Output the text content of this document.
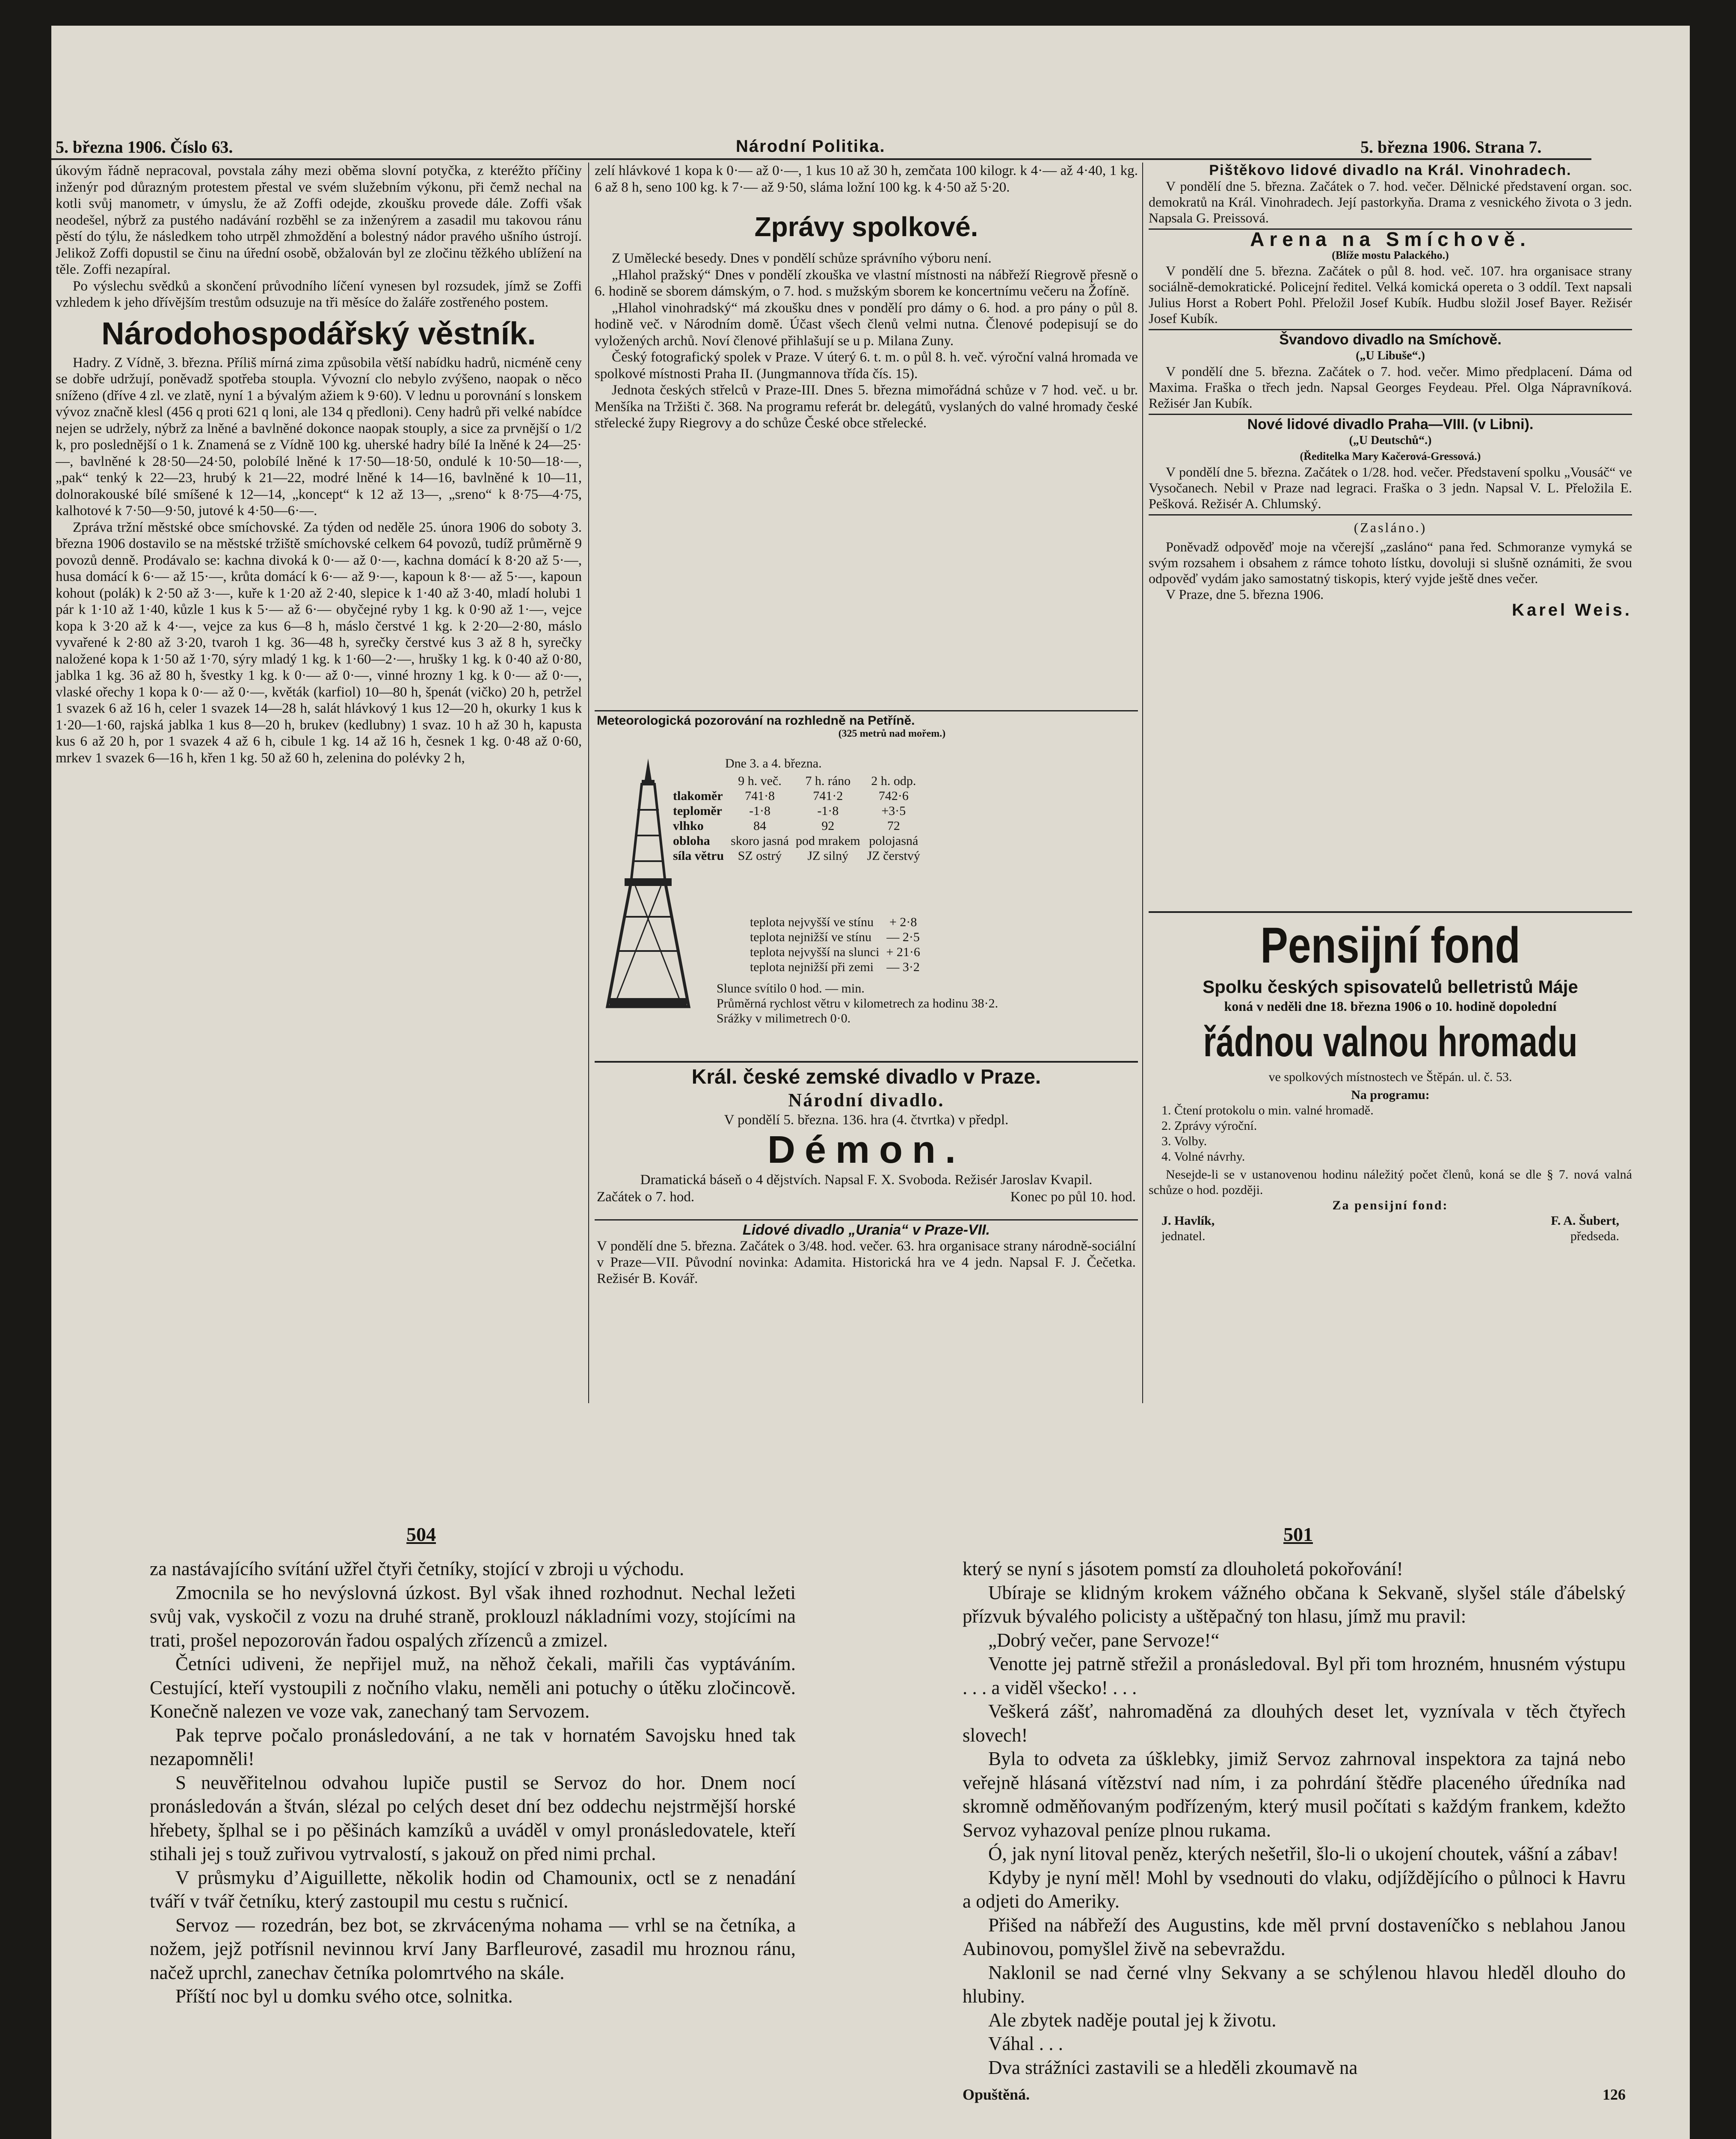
5. března 1906. Číslo 63.	Národní Politika.	5. března 1906. Strana 7.

úkovým řádně nepracoval, povstala záhy mezi oběma slovní potyčka, z kteréžto příčiny inženýr pod důrazným protestem přestal ve svém služebním výkonu, při čemž nechal na kotli svůj manometr, v úmyslu, že až Zoffi odejde, zkoušku provede dále. Zoffi však neodešel, nýbrž za pustého nadávání rozběhl se za inženýrem a zasadil mu takovou ránu pěstí do týlu, že následkem toho utrpěl zhmoždění a bolestný nádor pravého ušního ústrojí. Jelikož Zoffi dopustil se činu na úřední osobě, obžalován byl ze zločinu těžkého ublížení na těle. Zoffi nezapíral.

Po výslechu svědků a skončení průvodního líčení vynesen byl rozsudek, jímž se Zoffi vzhledem k jeho dřívějším trestům odsuzuje na tři měsíce do žaláře zostřeného postem.

Národohospodářský věstník.

Hadry. Z Vídně, 3. března. Příliš mírná zima způsobila větší nabídku hadrů, nicméně ceny se dobře udržují, poněvadž spotřeba stoupla. Vývozní clo nebylo zvýšeno, naopak o něco sníženo (dříve 4 zl. ve zlatě, nyní 1 a bývalým ažiem k 9·60). V lednu u porovnání s lonskem vývoz značně klesl (456 q proti 621 q loni, ale 134 q předloni). Ceny hadrů při velké nabídce nejen se udržely, nýbrž za lněné a bavlněné dokonce naopak stouply, a sice za prvnější o 1/2 k, pro poslednější o 1 k. Znamená se z Vídně 100 kg. uherské hadry bílé Ia lněné k 24—25·—, bavlněné k 28·50—24·50, polobílé lněné k 17·50—18·50, ondulé k 10·50—18·—, „pak“ tenký k 22—23, hrubý k 21—22, modré lněné k 14—16, bavlněné k 10—11, dolnorakouské bílé smíšené k 12—14, „koncept“ k 12 až 13—, „sreno“ k 8·75—4·75, kalhotové k 7·50—9·50, jutové k 4·50—6·—.

Zpráva tržní městské obce smíchovské. Za týden od neděle 25. února 1906 do soboty 3. března 1906 dostavilo se na městské tržiště smíchovské celkem 64 povozů, tudíž průměrně 9 povozů denně. Prodávalo se: kachna divoká k 0·— až 0·—, kachna domácí k 8·20 až 5·—, husa domácí k 6·— až 15·—, krůta domácí k 6·— až 9·—, kapoun k 8·— až 5·—, kapoun kohout (polák) k 2·50 až 3·—, kuře k 1·20 až 2·40, slepice k 1·40 až 3·40, mladí holubi 1 pár k 1·10 až 1·40, kůzle 1 kus k 5·— až 6·— obyčejné ryby 1 kg. k 0·90 až 1·—, vejce kopa k 3·20 až k 4·—, vejce za kus 6—8 h, máslo čerstvé 1 kg. k 2·20—2·80, máslo vyvařené k 2·80 až 3·20, tvaroh 1 kg. 36—48 h, syrečky čerstvé kus 3 až 8 h, syrečky naložené kopa k 1·50 až 1·70, sýry mladý 1 kg. k 1·60—2·—, hrušky 1 kg. k 0·40 až 0·80, jablka 1 kg. 36 až 80 h, švestky 1 kg. k 0·— až 0·—, vinné hrozny 1 kg. k 0·— až 0·—, vlaské ořechy 1 kopa k 0·— až 0·—, květák (karfiol) 10—80 h, špenát (vičko) 20 h, petržel 1 svazek 6 až 16 h, celer 1 svazek 14—28 h, salát hlávkový 1 kus 12—20 h, okurky 1 kus k 1·20—1·60, rajská jablka 1 kus 8—20 h, brukev (kedlubny) 1 svaz. 10 h až 30 h, kapusta kus 6 až 20 h, por 1 svazek 4 až 6 h, cibule 1 kg. 14 až 16 h, česnek 1 kg. 0·48 až 0·60, mrkev 1 svazek 6—16 h, křen 1 kg. 50 až 60 h, zelenina do polévky 2 h,

zelí hlávkové 1 kopa k 0·— až 0·—, 1 kus 10 až 30 h, zemčata 100 kilogr. k 4·— až 4·40, 1 kg. 6 až 8 h, seno 100 kg. k 7·— až 9·50, sláma ložní 100 kg. k 4·50 až 5·20.

Zprávy spolkové.

Z Umělecké besedy. Dnes v pondělí schůze správního výboru není.

„Hlahol pražský“ Dnes v pondělí zkouška ve vlastní místnosti na nábřeží Riegrově přesně o 6. hodině se sborem dámským, o 7. hod. s mužským sborem ke koncertnímu večeru na Žofíně.

„Hlahol vinohradský“ má zkoušku dnes v pondělí pro dámy o 6. hod. a pro pány o půl 8. hodině več. v Národním domě. Účast všech členů velmi nutna. Členové podepisují se do vyložených archů. Noví členové přihlašují se u p. Milana Zuny.

Český fotografický spolek v Praze. V úterý 6. t. m. o půl 8. h. več. výroční valná hromada ve spolkové místnosti Praha II. (Jungmannova třída čís. 15).

Jednota českých střelců v Praze-III. Dnes 5. března mimořádná schůze v 7 hod. več. u br. Menšíka na Tržišti č. 368. Na programu referát br. delegátů, vyslaných do valné hromady české střelecké župy Riegrovy a do schůze České obce střelecké.

Meteorologická pozorování na rozhledně na Petříně.
(325 metrů nad mořem.)
Dne 3. a 4. března.
	9 h. več.	7 h. ráno	2 h. odp.
tlakoměr	741·8	741·2	742·6
teploměr	-1·8	-1·8	+3·5
vlhko	84	92	72
obloha	skoro jasná	pod mrakem	polojasná
síla větru	SZ ostrý	JZ silný	JZ čerstvý
teplota nejvyšší ve stínu	+ 2·8
teplota nejnižší ve stínu	— 2·5
teplota nejvyšší na slunci	+ 21·6
teplota nejnižší při zemi	— 3·2
Slunce svítilo 0 hod. — min.
Průměrná rychlost větru v kilometrech za hodinu 38·2.
Srážky v milimetrech 0·0.
Král. české zemské divadlo v Praze.
Národní divadlo.
V pondělí 5. března. 136. hra (4. čtvrtka) v předpl.
Démon.
Dramatická báseň o 4 dějstvích. Napsal F. X. Svoboda. Režisér Jaroslav Kvapil.
Začátek o 7. hod.	Konec po půl 10. hod.
Lidové divadlo „Urania“ v Praze-VII.
V pondělí dne 5. března. Začátek o 3/48. hod. večer. 63. hra organisace strany národně-sociální v Praze—VII. Původní novinka: Adamita. Historická hra ve 4 jedn. Napsal F. J. Čečetka. Režisér B. Kovář.
Pištěkovo lidové divadlo na Král. Vinohradech.

V pondělí dne 5. března. Začátek o 7. hod. večer. Dělnické představení organ. soc. demokratů na Král. Vinohradech. Její pastorkyňa. Drama z vesnického života o 3 jedn. Napsala G. Preissová.

Arena na Smíchově.
(Blíže mostu Palackého.)

V pondělí dne 5. března. Začátek o půl 8. hod. več. 107. hra organisace strany sociálně-demokratické. Policejní ředitel. Velká komická opereta o 3 oddíl. Text napsali Julius Horst a Robert Pohl. Přeložil Josef Kubík. Hudbu složil Josef Bayer. Režisér Josef Kubík.

Švandovo divadlo na Smíchově.
(„U Libuše“.)

V pondělí dne 5. března. Začátek o 7. hod. večer. Mimo předplacení. Dáma od Maxima. Fraška o třech jedn. Napsal Georges Feydeau. Přel. Olga Nápravníková. Režisér Jan Kubík.

Nové lidové divadlo Praha—VIII. (v Libni).
(„U Deutschů“.)
(Ředitelka Mary Kačerová-Gressová.)

V pondělí dne 5. března. Začátek o 1/28. hod. večer. Představení spolku „Vousáč“ ve Vysočanech. Nebil v Praze nad legraci. Fraška o 3 jedn. Napsal V. L. Přeložila E. Pešková. Režisér A. Chlumský.

(Zasláno.)

Poněvadž odpověď moje na včerejší „zasláno“ pana řed. Schmoranze vymyká se svým rozsahem i obsahem z rámce tohoto lístku, dovoluji si slušně oznámiti, že svou odpověď vydám jako samostatný tiskopis, který vyjde ještě dnes večer.

V Praze, dne 5. března 1906.

Karel Weis.
Pensijní fond
Spolku českých spisovatelů belletristů Máje
koná v neděli dne 18. března 1906 o 10. hodině dopolední
řádnou valnou hromadu
ve spolkových místnostech ve Štěpán. ul. č. 53.
Na programu:
1. Čtení protokolu o min. valné hromadě.
2. Zprávy výroční.
3. Volby.
4. Volné návrhy.
Nesejde-li se v ustanovenou hodinu náležitý počet členů, koná se dle § 7. nová valná schůze o hod. později.
Za pensijní fond:
J. Havlík,
jednatel.
F. A. Šubert,
předseda.
504	501

za nastávajícího svítání užřel čtyři četníky, stojící v zbroji u východu.

Zmocnila se ho nevýslovná úzkost. Byl však ihned rozhodnut. Nechal ležeti svůj vak, vyskočil z vozu na druhé straně, proklouzl nákladními vozy, stojícími na trati, prošel nepozorován řadou ospalých zřízenců a zmizel.

Četníci udiveni, že nepřijel muž, na něhož čekali, mařili čas vyptáváním. Cestující, kteří vystoupili z nočního vlaku, neměli ani potuchy o útěku zločincově. Konečně nalezen ve voze vak, zanechaný tam Servozem.

Pak teprve počalo pronásledování, a ne tak v hornatém Savojsku hned tak nezapomněli!

S neuvěřitelnou odvahou lupiče pustil se Servoz do hor. Dnem nocí pronásledován a štván, slézal po celých deset dní bez oddechu nejstrmější horské hřebety, šplhal se i po pěšinách kamzíků a uváděl v omyl pronásledovatele, kteří stihali jej s touž zuřivou vytrvalostí, s jakouž on před nimi prchal.

V průsmyku d’Aiguillette, několik hodin od Chamounix, octl se z nenadání tváří v tvář četníku, který zastoupil mu cestu s ručnicí.

Servoz — rozedrán, bez bot, se zkrvácenýma nohama — vrhl se na četníka, a nožem, jejž potřísnil nevinnou krví Jany Barfleurové, zasadil mu hroznou ránu, načež uprchl, zanechav četníka polomrtvého na skále.

Příští noc byl u domku svého otce, solnitka.

který se nyní s jásotem pomstí za dlouholetá pokořování!

Ubíraje se klidným krokem vážného občana k Sekvaně, slyšel stále ďábelský přízvuk bývalého policisty a uštěpačný ton hlasu, jímž mu pravil:

„Dobrý večer, pane Servoze!“

Venotte jej patrně střežil a pronásledoval. Byl při tom hrozném, hnusném výstupu . . . a viděl všecko! . . .

Veškerá zášť, nahromaděná za dlouhých deset let, vyznívala v těch čtyřech slovech!

Byla to odveta za úšklebky, jimiž Servoz zahrnoval inspektora za tajná nebo veřejně hlásaná vítězství nad ním, i za pohrdání štědře placeného úředníka nad skromně odměňovaným podřízeným, který musil počítati s každým frankem, kdežto Servoz vyhazoval peníze plnou rukama.

Ó, jak nyní litoval peněz, kterých nešetřil, šlo-li o ukojení choutek, vášní a zábav!

Kdyby je nyní měl! Mohl by vsednouti do vlaku, odjíždějícího o půlnoci k Havru a odjeti do Ameriky.

Přišed na nábřeží des Augustins, kde měl první dostaveníčko s neblahou Janou Aubinovou, pomyšlel živě na sebevraždu.

Naklonil se nad černé vlny Sekvany a se schýlenou hlavou hleděl dlouho do hlubiny.

Ale zbytek naděje poutal jej k životu.

Váhal . . .

Dva strážníci zastavili se a hleděli zkoumavě na

Opuštěná.	126
